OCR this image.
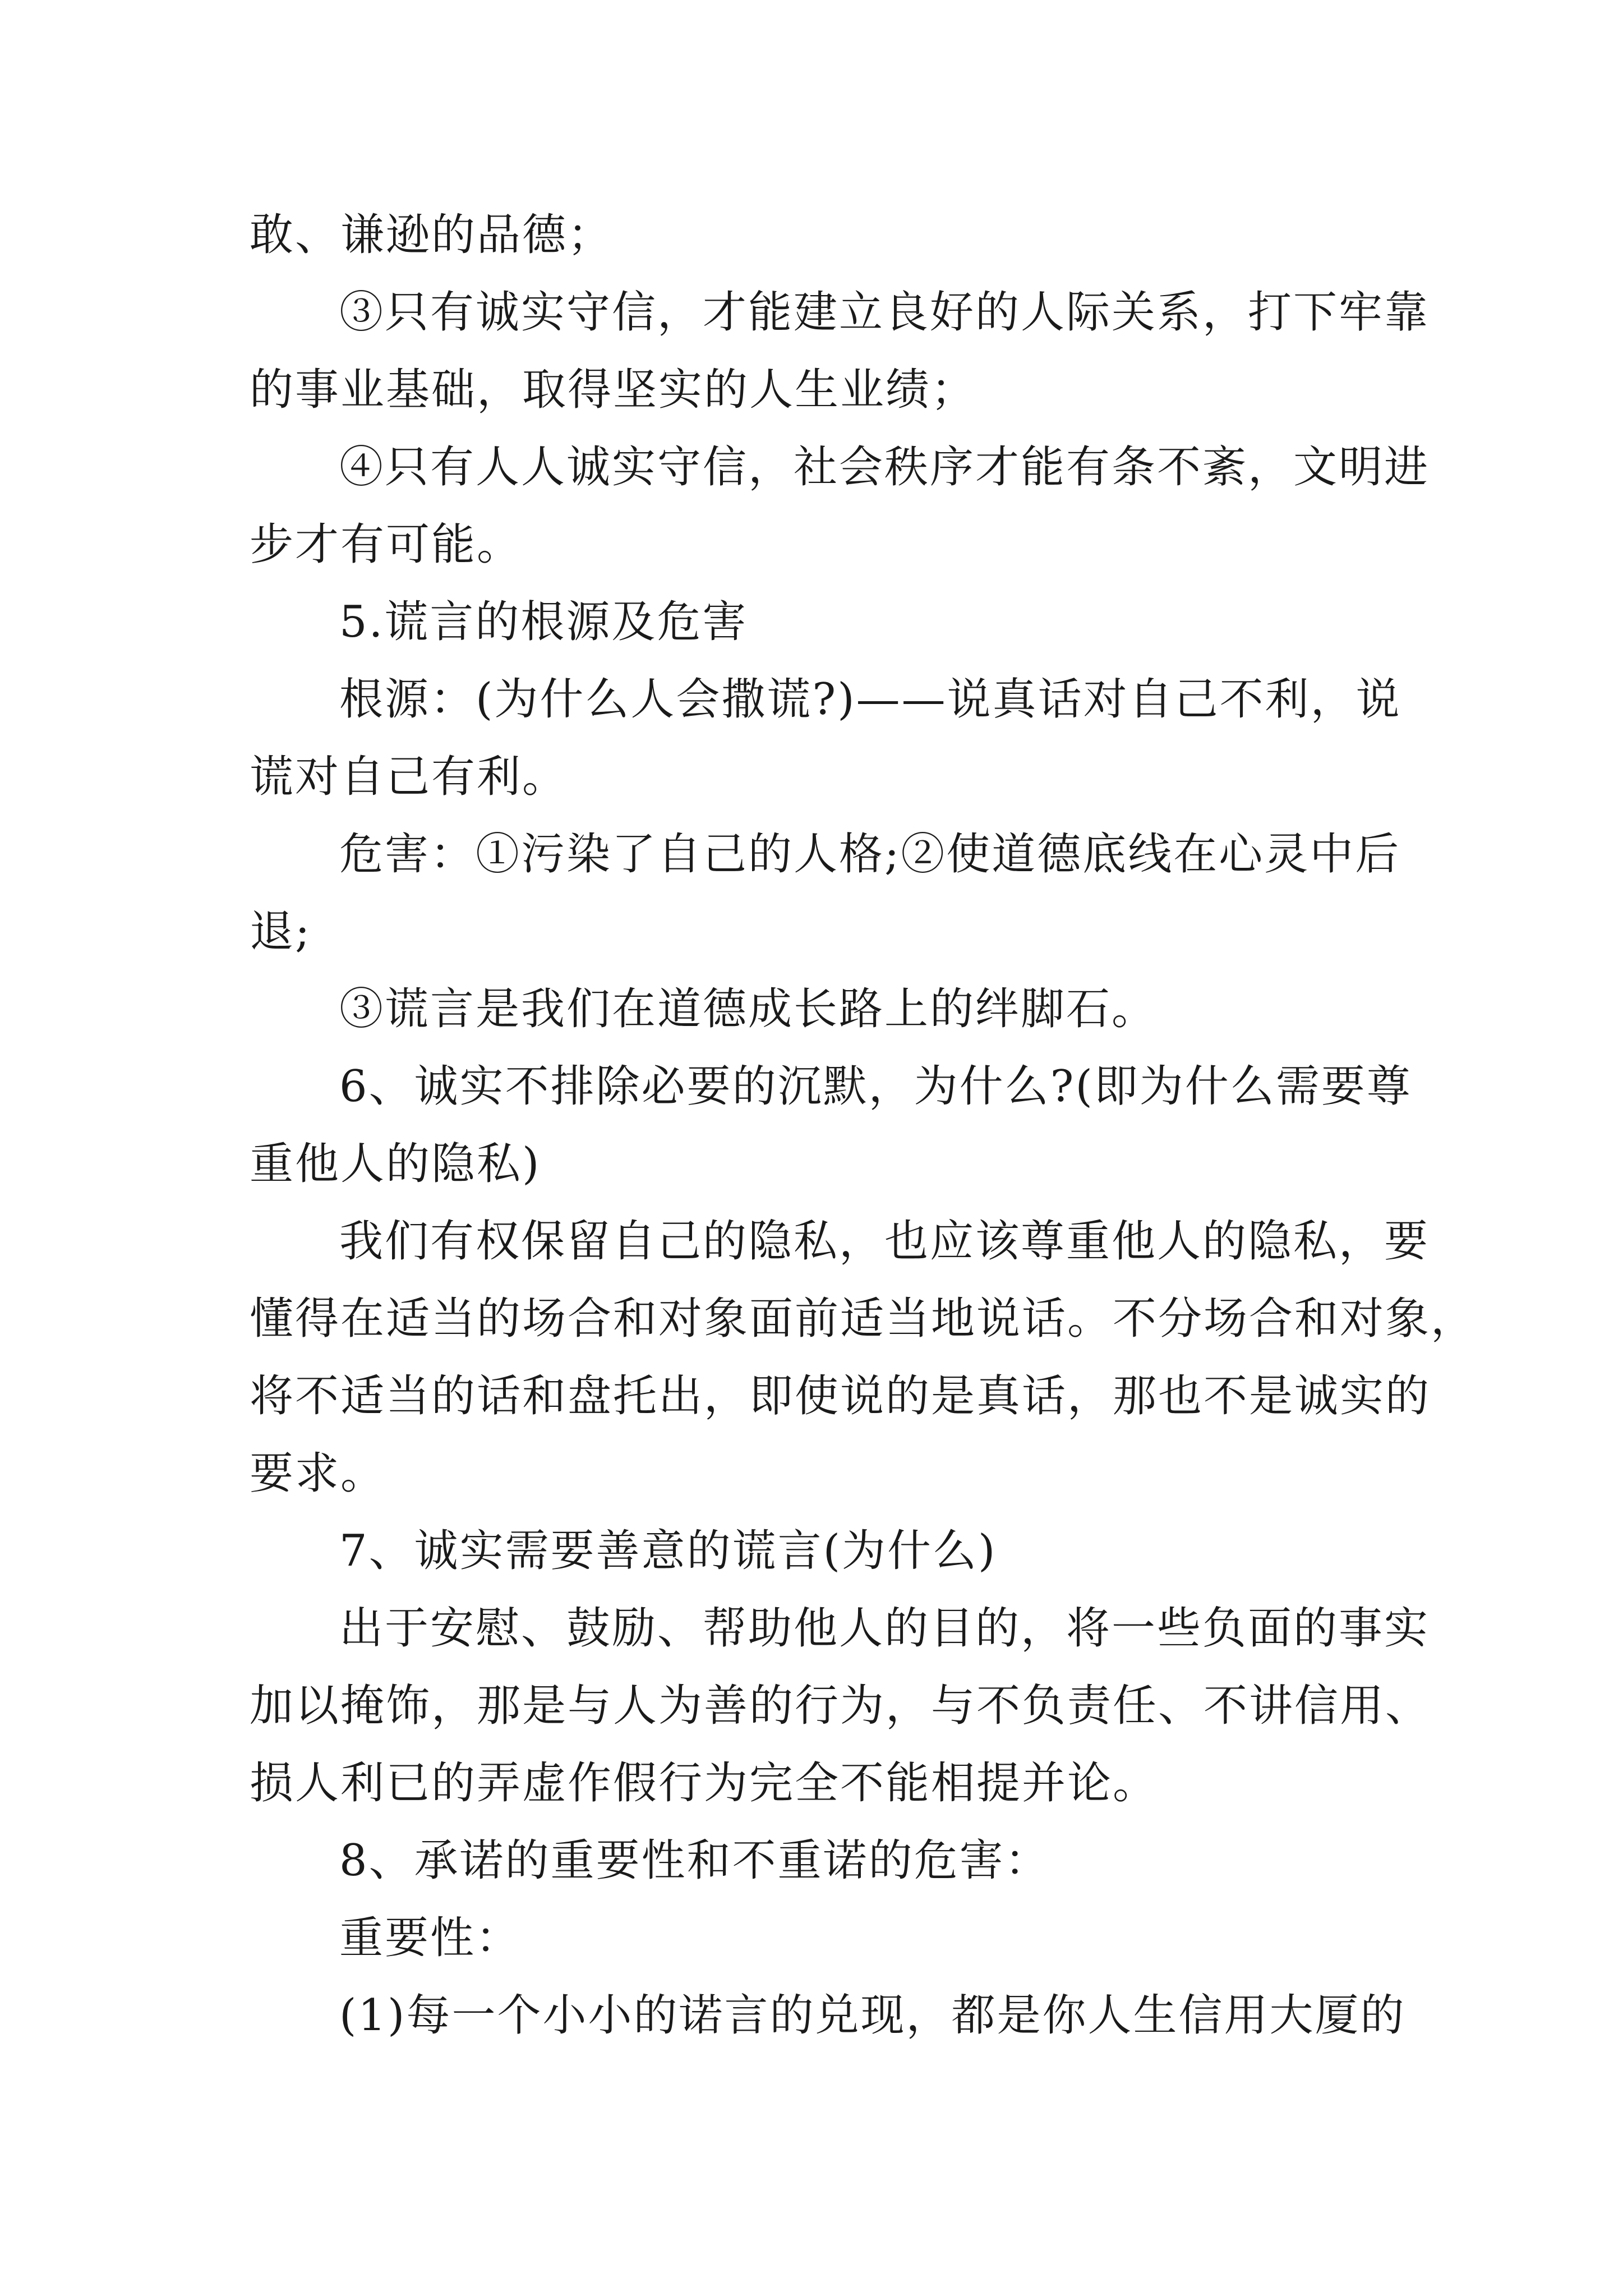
敢、谦逊的品德；
③只有诚实守信，才能建立良好的人际关系，打下牢靠
的事业基础，取得坚实的人生业绩；
④只有人人诚实守信，社会秩序才能有条不紊，文明进
步才有可能。
5.谎言的根源及危害
根源：(为什么人会撒谎?)——说真话对自己不利，说
谎对自己有利。
危害：①污染了自己的人格;②使道德底线在心灵中后
退;
③谎言是我们在道德成长路上的绊脚石。
6、诚实不排除必要的沉默，为什么?(即为什么需要尊
重他人的隐私)
我们有权保留自己的隐私，也应该尊重他人的隐私，要
懂得在适当的场合和对象面前适当地说话。不分场合和对象，
将不适当的话和盘托出，即使说的是真话，那也不是诚实的
要求。
7、诚实需要善意的谎言(为什么)
出于安慰、鼓励、帮助他人的目的，将一些负面的事实
加以掩饰，那是与人为善的行为，与不负责任、不讲信用、
损人利已的弄虚作假行为完全不能相提并论。
8、承诺的重要性和不重诺的危害：
重要性：
(1)每一个小小的诺言的兑现，都是你人生信用大厦的
